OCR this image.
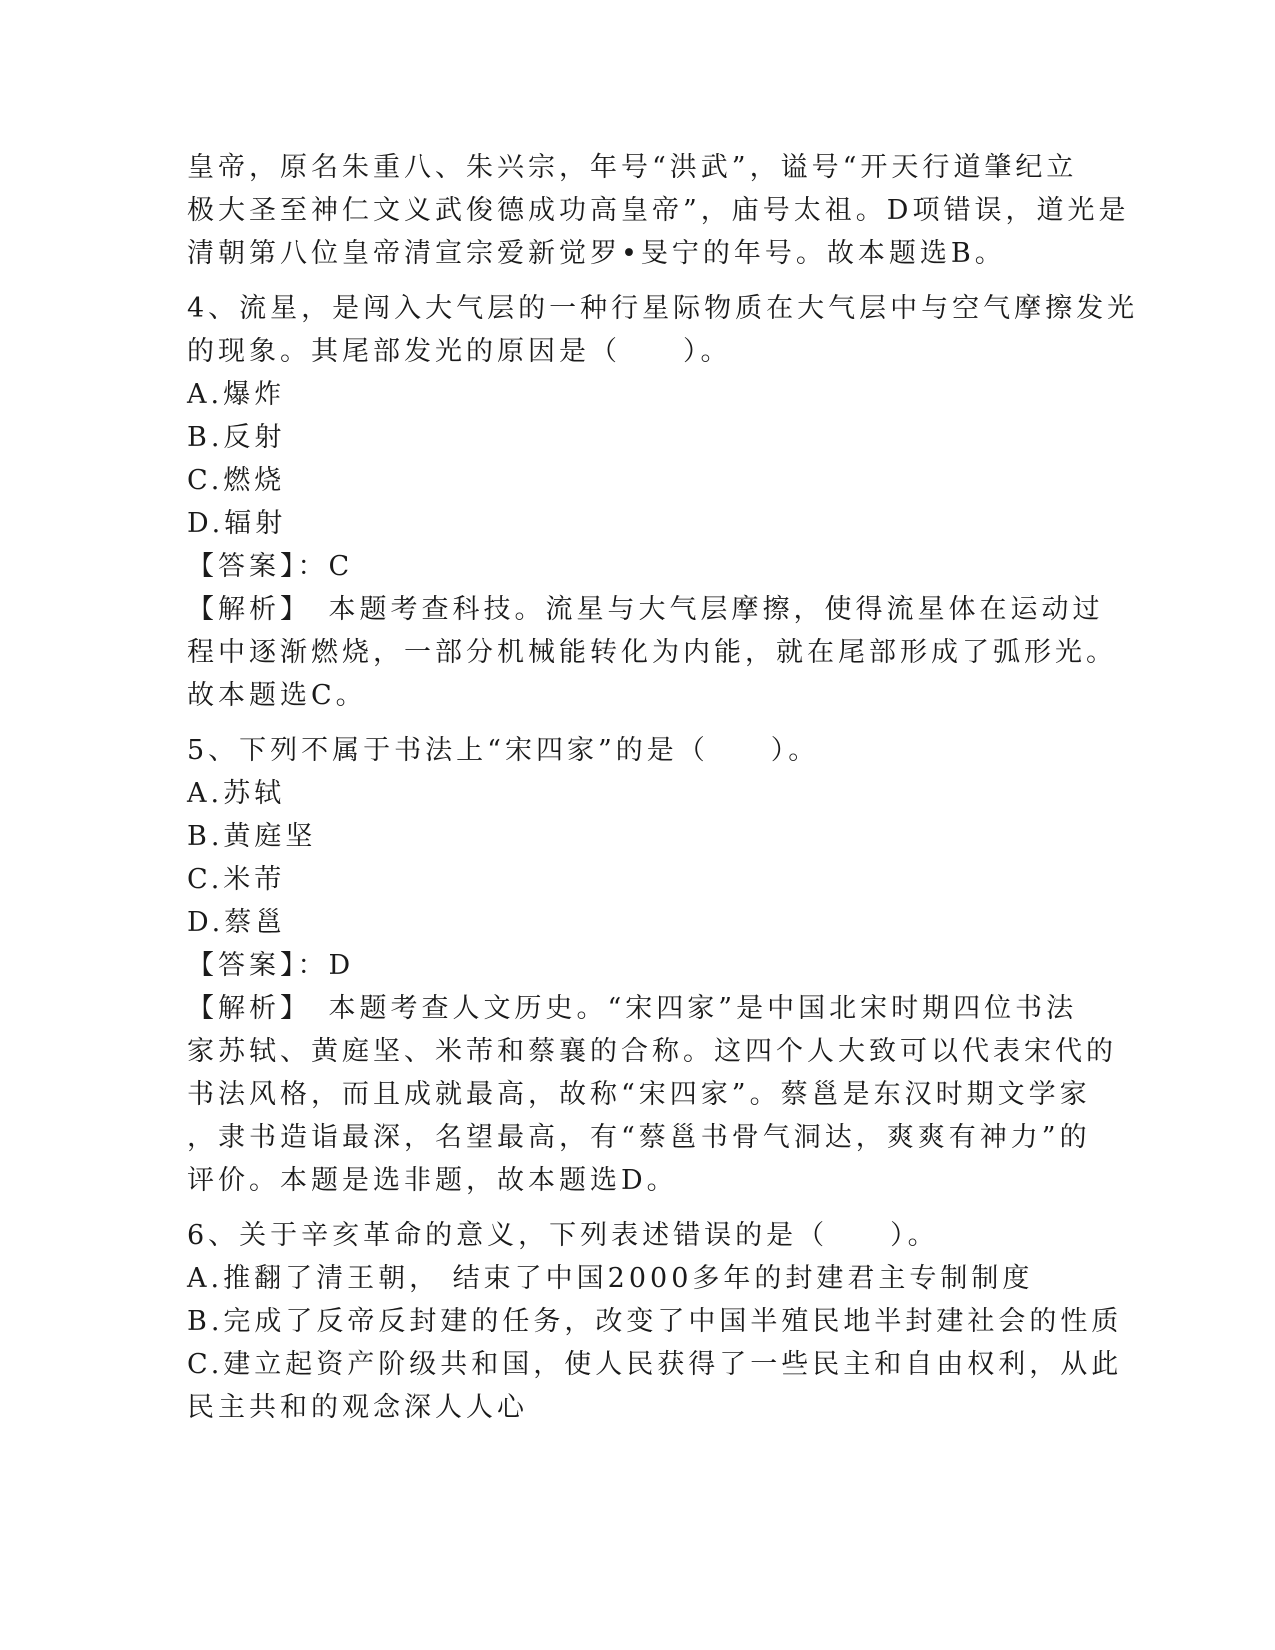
皇帝，原名朱重八、朱兴宗，年号“洪武”，谥号“开天行道肇纪立
极大圣至神仁文义武俊德成功高皇帝”，庙号太祖。D项错误，道光是
清朝第八位皇帝清宣宗爱新觉罗•旻宁的年号。故本题选B。
4、流星，是闯入大气层的一种行星际物质在大气层中与空气摩擦发光
的现象。其尾部发光的原因是（　　）。
A.爆炸
B.反射
C.燃烧
D.辐射
【答案】：C
【解析】　本题考查科技。流星与大气层摩擦，使得流星体在运动过
程中逐渐燃烧，一部分机械能转化为内能，就在尾部形成了弧形光。
故本题选C。
5、下列不属于书法上“宋四家”的是（　　）。
A.苏轼
B.黄庭坚
C.米芾
D.蔡邕
【答案】：D
【解析】　本题考查人文历史。“宋四家”是中国北宋时期四位书法
家苏轼、黄庭坚、米芾和蔡襄的合称。这四个人大致可以代表宋代的
书法风格，而且成就最高，故称“宋四家”。蔡邕是东汉时期文学家
，隶书造诣最深，名望最高，有“蔡邕书骨气洞达，爽爽有神力”的
评价。本题是选非题，故本题选D。
6、关于辛亥革命的意义，下列表述错误的是（　　）。
A.推翻了清王朝， 结束了中国2000多年的封建君主专制制度
B.完成了反帝反封建的任务，改变了中国半殖民地半封建社会的性质
C.建立起资产阶级共和国，使人民获得了一些民主和自由权利，从此
民主共和的观念深人人心
